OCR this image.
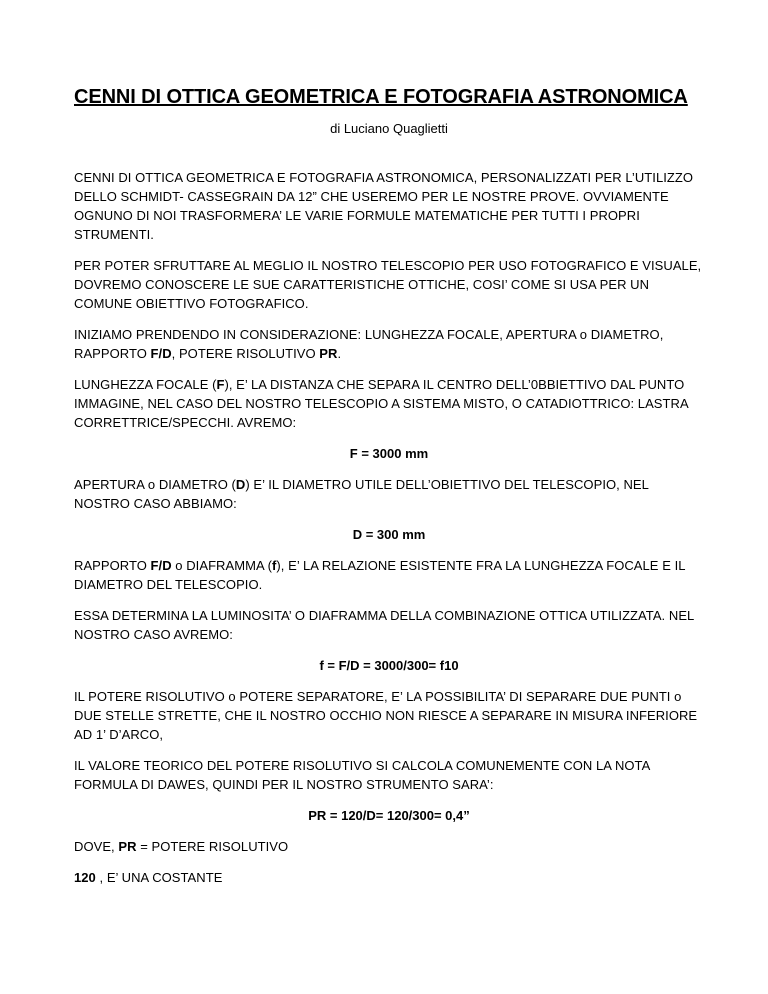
CENNI DI OTTICA GEOMETRICA E FOTOGRAFIA ASTRONOMICA
di Luciano Quaglietti

CENNI DI OTTICA GEOMETRICA E FOTOGRAFIA ASTRONOMICA, PERSONALIZZATI PER L’UTILIZZO DELLO SCHMIDT- CASSEGRAIN DA 12” CHE USEREMO PER LE NOSTRE PROVE. OVVIAMENTE OGNUNO DI NOI TRASFORMERA’ LE VARIE FORMULE MATEMATICHE PER TUTTI I PROPRI STRUMENTI.

PER POTER SFRUTTARE AL MEGLIO IL NOSTRO TELESCOPIO PER USO FOTOGRAFICO E VISUALE, DOVREMO CONOSCERE LE SUE CARATTERISTICHE OTTICHE, COSI’ COME SI USA PER UN COMUNE OBIETTIVO FOTOGRAFICO.

INIZIAMO PRENDENDO IN CONSIDERAZIONE: LUNGHEZZA FOCALE, APERTURA o DIAMETRO, RAPPORTO F/D, POTERE RISOLUTIVO PR.

LUNGHEZZA FOCALE (F), E’ LA DISTANZA CHE SEPARA IL CENTRO DELL’0BBIETTIVO DAL PUNTO IMMAGINE, NEL CASO DEL NOSTRO TELESCOPIO A SISTEMA MISTO, O CATADIOTTRICO: LASTRA CORRETTRICE/SPECCHI. AVREMO:

F = 3000 mm

APERTURA o DIAMETRO (D) E’ IL DIAMETRO UTILE DELL’OBIETTIVO DEL TELESCOPIO, NEL NOSTRO CASO ABBIAMO:

D = 300 mm

RAPPORTO F/D o DIAFRAMMA (f), E’ LA RELAZIONE ESISTENTE FRA LA LUNGHEZZA FOCALE E IL DIAMETRO DEL TELESCOPIO.

ESSA DETERMINA LA LUMINOSITA’ O DIAFRAMMA DELLA COMBINAZIONE OTTICA UTILIZZATA. NEL NOSTRO CASO AVREMO:

f = F/D = 3000/300= f10

IL POTERE RISOLUTIVO o POTERE SEPARATORE, E’ LA POSSIBILITA’ DI SEPARARE DUE PUNTI o DUE STELLE STRETTE, CHE IL NOSTRO OCCHIO NON RIESCE A SEPARARE IN MISURA INFERIORE AD 1’ D’ARCO,

IL VALORE TEORICO DEL POTERE RISOLUTIVO SI CALCOLA COMUNEMENTE CON LA NOTA FORMULA DI DAWES, QUINDI PER IL NOSTRO STRUMENTO SARA’:

PR = 120/D= 120/300= 0,4”

DOVE, PR = POTERE RISOLUTIVO

120 , E’ UNA COSTANTE
